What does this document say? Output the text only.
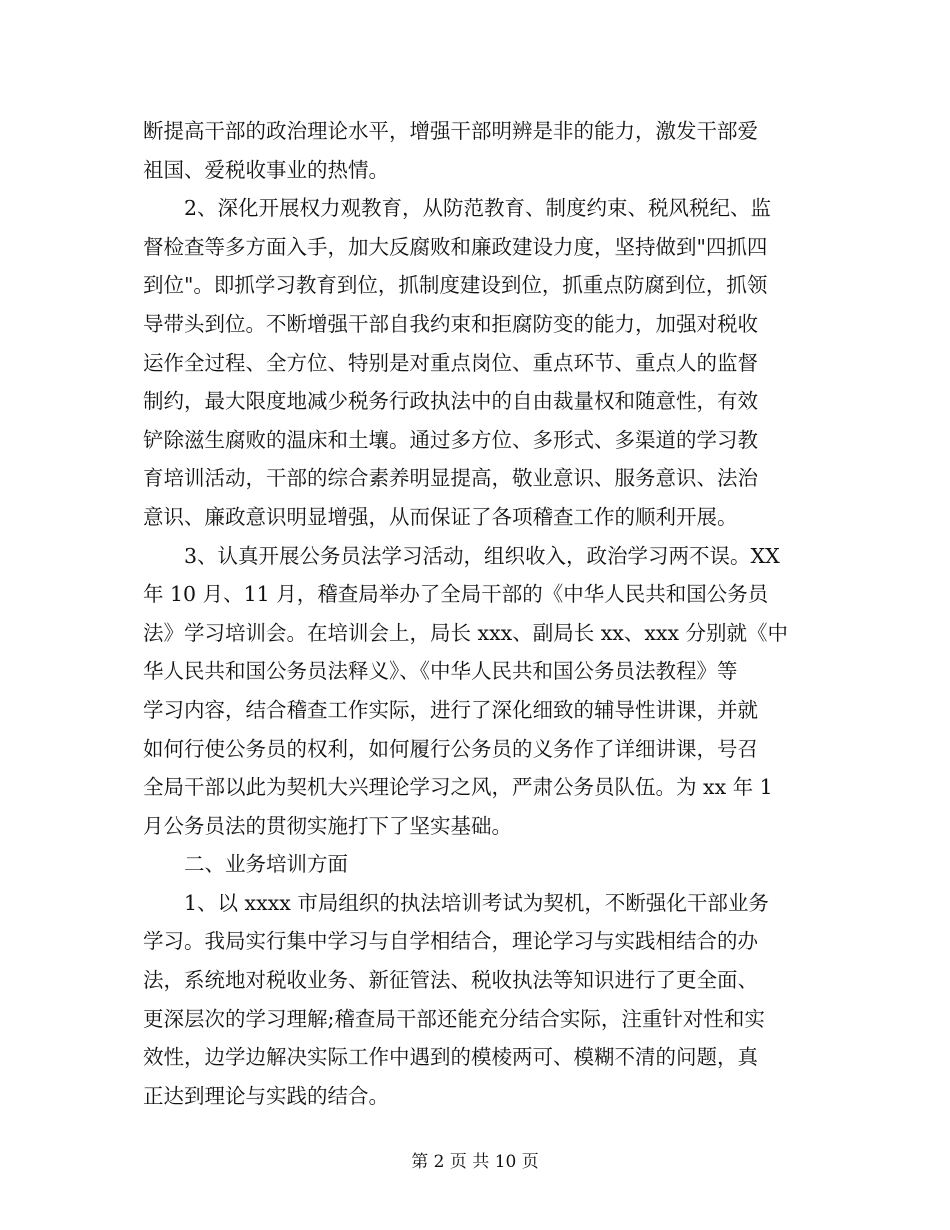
断提高干部的政治理论水平，增强干部明辨是非的能力，激发干部爱
祖国、爱税收事业的热情。
　　2、深化开展权力观教育，从防范教育、制度约束、税风税纪、监
督检查等多方面入手，加大反腐败和廉政建设力度，坚持做到"四抓四
到位"。即抓学习教育到位，抓制度建设到位，抓重点防腐到位，抓领
导带头到位。不断增强干部自我约束和拒腐防变的能力，加强对税收
运作全过程、全方位、特别是对重点岗位、重点环节、重点人的监督
制约，最大限度地减少税务行政执法中的自由裁量权和随意性，有效
铲除滋生腐败的温床和土壤。通过多方位、多形式、多渠道的学习教
育培训活动，干部的综合素养明显提高，敬业意识、服务意识、法治
意识、廉政意识明显增强，从而保证了各项稽查工作的顺利开展。
　　3、认真开展公务员法学习活动，组织收入，政治学习两不误。XX
年 10 月、11 月，稽查局举办了全局干部的《中华人民共和国公务员
法》学习培训会。在培训会上，局长 xxx、副局长 xx、xxx 分别就《中
华人民共和国公务员法释义》、《中华人民共和国公务员法教程》等
学习内容，结合稽查工作实际，进行了深化细致的辅导性讲课，并就
如何行使公务员的权利，如何履行公务员的义务作了详细讲课，号召
全局干部以此为契机大兴理论学习之风，严肃公务员队伍。为 xx 年 1
月公务员法的贯彻实施打下了坚实基础。
　　二、业务培训方面
　　1、以 xxxx 市局组织的执法培训考试为契机，不断强化干部业务
学习。我局实行集中学习与自学相结合，理论学习与实践相结合的办
法，系统地对税收业务、新征管法、税收执法等知识进行了更全面、
更深层次的学习理解;稽查局干部还能充分结合实际，注重针对性和实
效性，边学边解决实际工作中遇到的模棱两可、模糊不清的问题，真
正达到理论与实践的结合。
第 2 页 共 10 页
